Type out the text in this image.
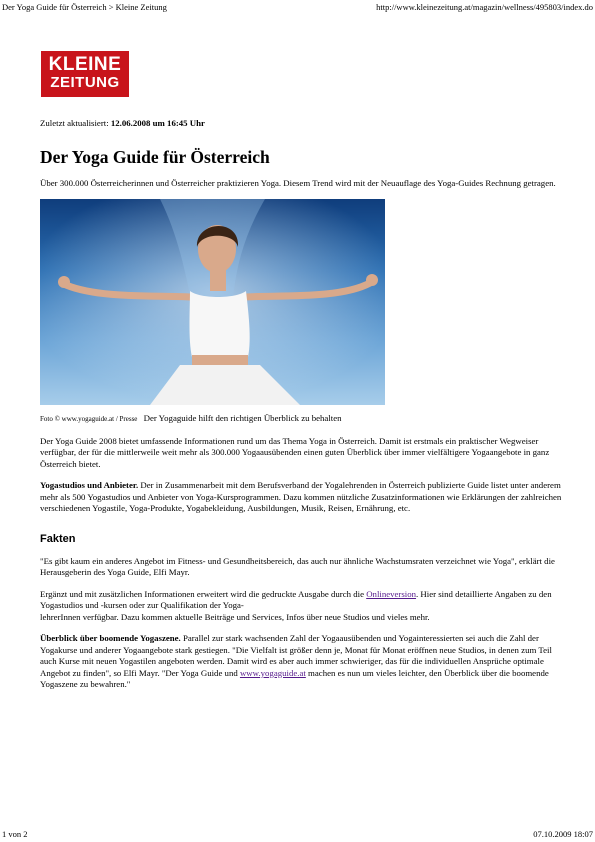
Der Yoga Guide für Österreich > Kleine Zeitung	http://www.kleinezeitung.at/magazin/wellness/495803/index.do
KLEINE
ZEITUNG

Zuletzt aktualisiert: 12.06.2008 um 16:45 Uhr

Der Yoga Guide für Österreich

Über 300.000 Österreicherinnen und Österreicher praktizieren Yoga. Diesem Trend wird mit der Neuauflage des Yoga-Guides Rechnung getragen.

Foto © www.yogaguide.at / Presse Der Yogaguide hilft den richtigen Überblick zu behalten

Der Yoga Guide 2008 bietet umfassende Informationen rund um das Thema Yoga in Österreich. Damit ist erstmals ein praktischer Wegweiser verfügbar, der für die mittlerweile weit mehr als 300.000 Yogaausübenden einen guten Überblick über immer vielfältigere Yogaangebote in ganz Österreich bietet.

Yogastudios und Anbieter. Der in Zusammenarbeit mit dem Berufsverband der Yogalehrenden in Österreich publizierte Guide listet unter anderem mehr als 500 Yogastudios und Anbieter von Yoga-Kursprogrammen. Dazu kommen nützliche Zusatzinformationen wie Erklärungen der zahlreichen verschiedenen Yogastile, Yoga-Produkte, Yogabekleidung, Ausbildungen, Musik, Reisen, Ernährung, etc.

Fakten

"Es gibt kaum ein anderes Angebot im Fitness- und Gesundheitsbereich, das auch nur ähnliche Wachstumsraten verzeichnet wie Yoga", erklärt die Herausgeberin des Yoga Guide, Elfi Mayr.

Ergänzt und mit zusätzlichen Informationen erweitert wird die gedruckte Ausgabe durch die Onlineversion. Hier sind detaillierte Angaben zu den Yogastudios und -kursen oder zur Qualifikation der Yoga-
lehrerInnen verfügbar. Dazu kommen aktuelle Beiträge und Services, Infos über neue Studios und vieles mehr.

Überblick über boomende Yogaszene. Parallel zur stark wachsenden Zahl der Yogaausübenden und Yogainteressierten sei auch die Zahl der Yogakurse und anderer Yogaangebote stark gestiegen. "Die Vielfalt ist größer denn je, Monat für Monat eröffnen neue Studios, in denen zum Teil auch Kurse mit neuen Yogastilen angeboten werden. Damit wird es aber auch immer schwieriger, das für die individuellen Ansprüche optimale Angebot zu finden", so Elfi Mayr. "Der Yoga Guide und www.yogaguide.at machen es nun um vieles leichter, den Überblick über die boomende Yogaszene zu bewahren."

1 von 2	07.10.2009 18:07
